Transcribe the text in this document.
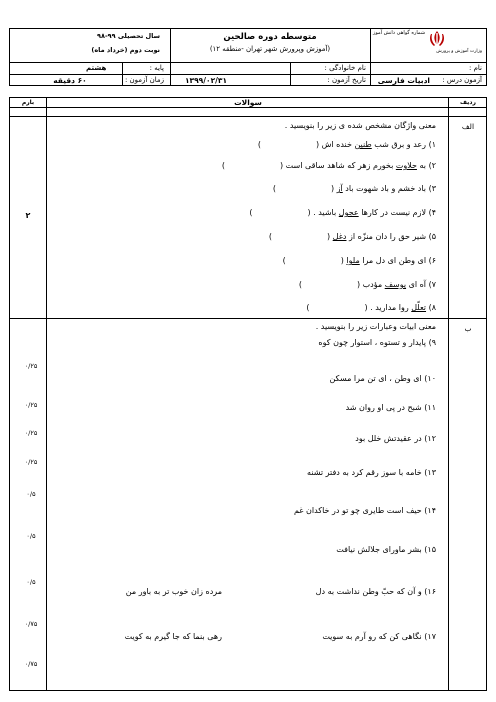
وزارت آموزش و پرورش
شماره گواهی دانش آموز
متوسطه دوره صالحین
(آموزش وپرورش شهر تهران -منطقه ۱۲)
سال تحصیلی ۹۹-۹۸
نوبت دوم (خرداد ماه)
نام :
نام خانوادگی :
پایه :
هشتم
آزمون درس :
ادبیات فارسی
تاریخ آزمون :
۱۳۹۹/۰۲/۳۱
زمان آزمون :
۶۰ دقیقه
ردیف
سوالات
بارم
الف
معنی واژگان مشخص شده ی زیر را بنویسید .
۲
۱) رعد و برق شب طنین خنده اش ()
۲) به حلاوت بخورم زهر که شاهد ساقی است ()
۳) باد خشم و باد شهوت باد آز ()
۴) لازم نیست در کارها عجول باشید . ()
۵) شیر حق را دان منزّه از دغل ()
۶) ای وطن ای دل مرا ملوا ()
۷) آه ای یوسف مؤدب ()
۸) تعلّل روا مدارید . ()
ب
معنی ابیات وعبارات زیر را بنویسید .
۹) پایدار و تستوه ، استوار چون کوه
۰/۲۵
۱۰) ای وطن ، ای تن مرا مسکن
۰/۲۵	۱۱) شبح در پی او روان شد
۰/۲۵
۱۲) در عقیدتش خلل بود
۰/۲۵
۱۳) خامه با سوز رقم کرد به دفتر تشنه
۰/۵
۱۴) حیف است طایری چو تو در خاکدان غم
۰/۵
۱۵) بشر ماورای جلالش نیافت
۰/۵
۱۶) و آن که حبّ وطن نداشت به دل
مرده زان خوب تر به باور من
۰/۷۵
۱۷) نگاهی کن که رو آرم به سویت
رهی بنما که جا گیرم به کویت
۰/۷۵
